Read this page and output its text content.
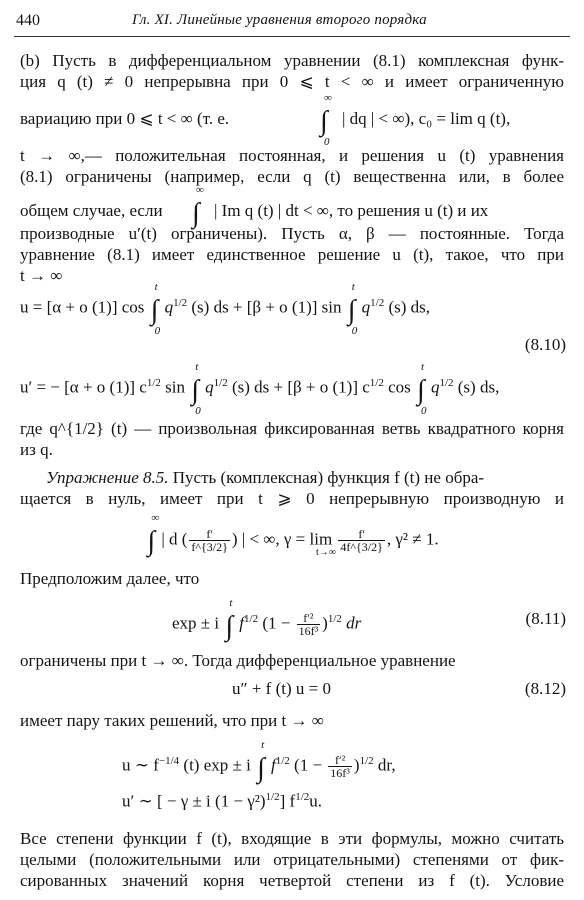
440	Гл. XI. Линейные уравнения второго порядка
(b) Пусть в дифференциальном уравнении (8.1) комплексная функ-
ция q (t) ≠ 0 непрерывна при 0 ⩽ t < ∞ и имеет ограниченную
вариацию при 0 ⩽ t < ∞ (т. е.	∫
∞
0
| dq | < ∞), c₀ = lim q (t),
t → ∞,— положительная постоянная, и решения u (t) уравнения
(8.1) ограничены (например, если q (t) вещественна или, в более
общем случае, если	∫
∞
| Im q (t) | dt < ∞, то решения u (t) и их
производные u′(t) ограничены). Пусть α, β — постоянные. Тогда
уравнение (8.1) имеет единственное решение u (t), такое, что при
t → ∞
u = [α + o (1)] cos ∫
t
0
$q^{1/2}$ (s) ds + [β + o (1)] sin ∫
t
0
$q^{1/2}$ (s) ds,
(8.10)
u′ = − [α + o (1)] $c^{1/2}$ sin ∫
t
0
$q^{1/2}$ (s) ds + [β + o (1)] $c^{1/2}$ cos ∫
t
0
$q^{1/2}$ (s) ds,
где q^{1/2} (t) — произвольная фиксированная ветвь квадратного корня
из q.
Упражнение 8.5. Пусть (комплексная) функция f (t) не обра-
щается в нуль, имеет при t ⩾ 0 непрерывную производную и
∫
∞
| d ( $\frac{f'}{f\^{}\{3/2\}}$ ) | < ∞, $\gamma = \lim \frac{f'}{4f\^{}\{3/2\}}$ , γ² ≠ 1.
t→∞
Предположим далее, что
exp ± i ∫
t
$f^{1/2}$ $(1 - \frac{\text{f′²}}{\text{16f³}} )^{1/2}$ dr	(8.11)
ограничены при t → ∞. Тогда дифференциальное уравнение
u″ + f (t) u = 0	(8.12)
имеет пару таких решений, что при t → ∞
u ∼ $f^{-1/4}$ (t) exp ± i ∫
t
$f^{1/2}$ $(1 - \frac{\text{f′²}}{\text{16f³}} )^{1/2}$ dr,
u′ ∼ [ − γ ± i $(1 - \gamma^2)^{1/2}$] $f^{1/2}u$.
Все степени функции f (t), входящие в эти формулы, можно считать
целыми (положительными или отрицательными) степенями от фик-
сированных значений корня четвертой степени из f (t). Условие
